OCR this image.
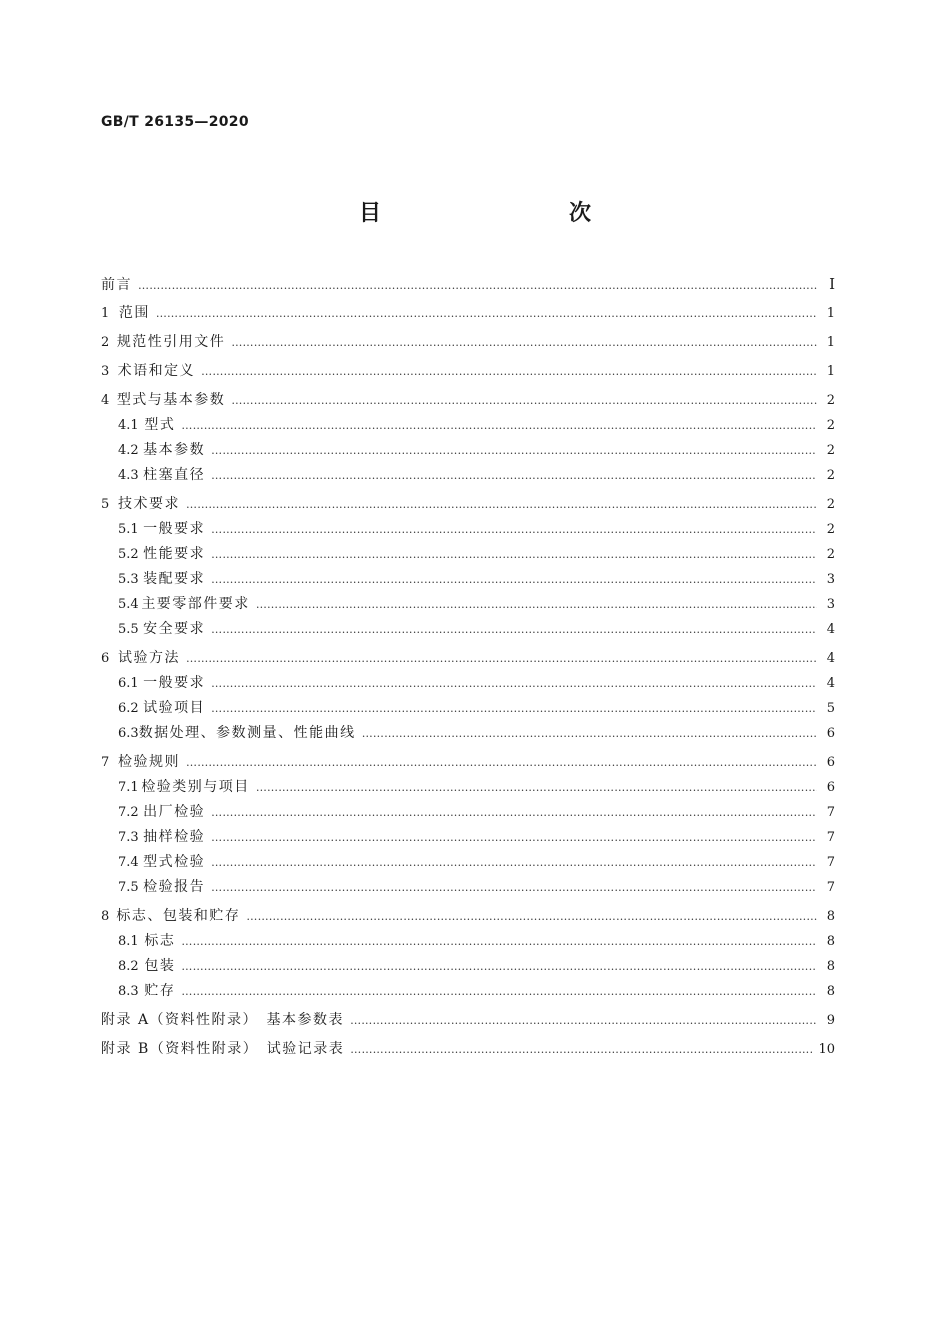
GB/T 26135—2020
目　　次
前言 ……………………………………………………………………………………………………………………………………………………………………………………………………………………………………	Ⅰ
1 范围 ……………………………………………………………………………………………………………………………………………………………………………………………………………………………………	1
2 规范性引用文件 ……………………………………………………………………………………………………………………………………………………………………………………………………………………………………	1
3 术语和定义 ……………………………………………………………………………………………………………………………………………………………………………………………………………………………………	1
4 型式与基本参数 ……………………………………………………………………………………………………………………………………………………………………………………………………………………………………	2
4.1 型式 ……………………………………………………………………………………………………………………………………………………………………………………………………………………………………	2
4.2 基本参数 ……………………………………………………………………………………………………………………………………………………………………………………………………………………………………	2
4.3 柱塞直径 ……………………………………………………………………………………………………………………………………………………………………………………………………………………………………	2
5 技术要求 ……………………………………………………………………………………………………………………………………………………………………………………………………………………………………	2
5.1 一般要求 ……………………………………………………………………………………………………………………………………………………………………………………………………………………………………	2
5.2 性能要求 ……………………………………………………………………………………………………………………………………………………………………………………………………………………………………	2
5.3 装配要求 ……………………………………………………………………………………………………………………………………………………………………………………………………………………………………	3
5.4 主要零部件要求 ……………………………………………………………………………………………………………………………………………………………………………………………………………………………………	3
5.5 安全要求 ……………………………………………………………………………………………………………………………………………………………………………………………………………………………………	4
6 试验方法 ……………………………………………………………………………………………………………………………………………………………………………………………………………………………………	4
6.1 一般要求 ……………………………………………………………………………………………………………………………………………………………………………………………………………………………………	4
6.2 试验项目 ……………………………………………………………………………………………………………………………………………………………………………………………………………………………………	5
6.3 数据处理、参数测量、性能曲线 ……………………………………………………………………………………………………………………………………………………………………………………………………………………………………	6
7 检验规则 ……………………………………………………………………………………………………………………………………………………………………………………………………………………………………	6
7.1 检验类别与项目 ……………………………………………………………………………………………………………………………………………………………………………………………………………………………………	6
7.2 出厂检验 ……………………………………………………………………………………………………………………………………………………………………………………………………………………………………	7
7.3 抽样检验 ……………………………………………………………………………………………………………………………………………………………………………………………………………………………………	7
7.4 型式检验 ……………………………………………………………………………………………………………………………………………………………………………………………………………………………………	7
7.5 检验报告 ……………………………………………………………………………………………………………………………………………………………………………………………………………………………………	7
8 标志、包装和贮存 ……………………………………………………………………………………………………………………………………………………………………………………………………………………………………	8
8.1 标志 ……………………………………………………………………………………………………………………………………………………………………………………………………………………………………	8
8.2 包装 ……………………………………………………………………………………………………………………………………………………………………………………………………………………………………	8
8.3 贮存 ……………………………………………………………………………………………………………………………………………………………………………………………………………………………………	8
附录 A（资料性附录）　基本参数表 ……………………………………………………………………………………………………………………………………………………………………………………………………………………………………	9
附录 B（资料性附录）　试验记录表 ……………………………………………………………………………………………………………………………………………………………………………………………………………………………………	10
